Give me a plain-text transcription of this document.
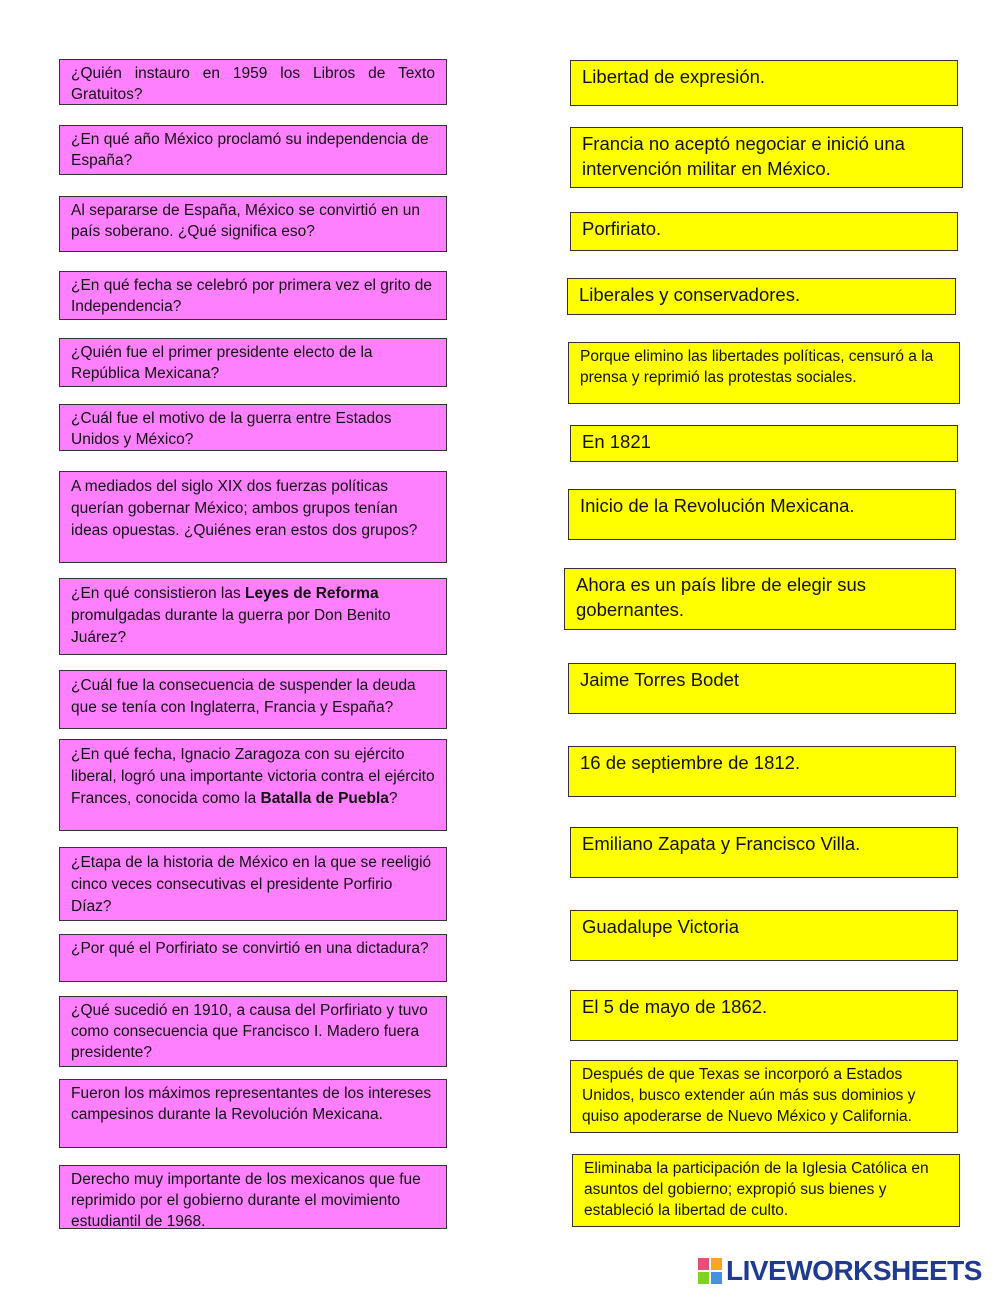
¿Quién instauro en 1959 los Libros de Texto Gratuitos?
¿En qué año México proclamó su independencia de España?
Al separarse de España, México se convirtió en un país soberano. ¿Qué significa eso?
¿En qué fecha se celebró por primera vez el grito de Independencia?
¿Quién fue el primer presidente electo de la República Mexicana?
¿Cuál fue el motivo de la guerra entre Estados Unidos y México?
A mediados del siglo XIX dos fuerzas políticas querían gobernar México; ambos grupos tenían ideas opuestas. ¿Quiénes eran estos dos grupos?
¿En qué consistieron las Leyes de Reforma promulgadas durante la guerra por Don Benito Juárez?
¿Cuál fue la consecuencia de suspender la deuda que se tenía con Inglaterra, Francia y España?
¿En qué fecha, Ignacio Zaragoza con su ejército liberal, logró una importante victoria contra el ejército Frances, conocida como la Batalla de Puebla?
¿Etapa de la historia de México en la que se reeligió cinco veces consecutivas el presidente Porfirio Díaz?
¿Por qué el Porfiriato se convirtió en una dictadura?
¿Qué sucedió en 1910, a causa del Porfiriato y tuvo como consecuencia que Francisco I. Madero fuera presidente?
Fueron los máximos representantes de los intereses campesinos durante la Revolución Mexicana.
Derecho muy importante de los mexicanos que fue reprimido por el gobierno durante el movimiento estudiantil de 1968.
Libertad de expresión.
Francia no aceptó negociar e inició una intervención militar en México.
Porfiriato.
Liberales y conservadores.
Porque elimino las libertades políticas, censuró a la prensa y reprimió las protestas sociales.
En 1821
Inicio de la Revolución Mexicana.
Ahora es un país libre de elegir sus gobernantes.
Jaime Torres Bodet
16 de septiembre de 1812.
Emiliano Zapata y Francisco Villa.
Guadalupe Victoria
El 5 de mayo de 1862.
Después de que Texas se incorporó a Estados Unidos, busco extender aún más sus dominios y quiso apoderarse de Nuevo México y California.
Eliminaba la participación de la Iglesia Católica en asuntos del gobierno; expropió sus bienes y estableció la libertad de culto.
LIVEWORKSHEETS
